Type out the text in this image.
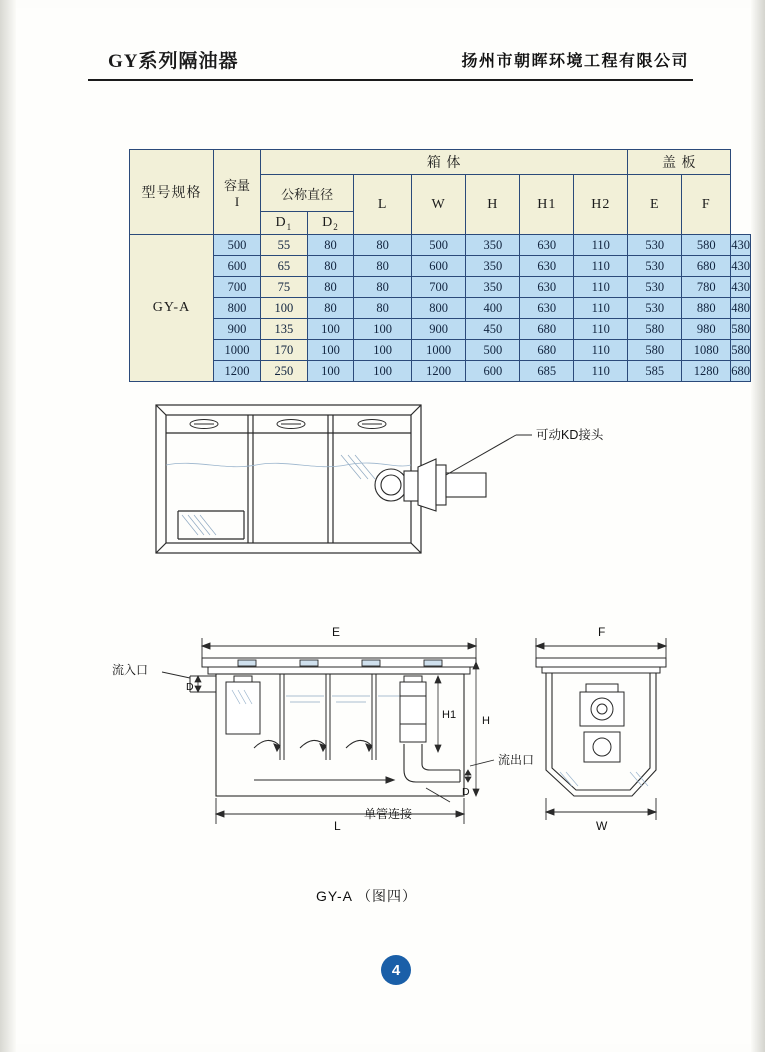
GY系列隔油器	扬州市朝晖环境工程有限公司
型号规格	容量
I	箱 体							盖 板		
		公称直径		L	W	H	H1	H2	E	F	
		$D_1$	$D_2$
GY-A	500	55	80	80	500	350	630	110	530	580	430
	600	65	80	80	600	350	630	110	530	680	430
	700	75	80	80	700	350	630	110	530	780	430
	800	100	80	80	800	400	630	110	530	880	480
	900	135	100	100	900	450	680	110	580	980	580
	1000	170	100	100	1000	500	680	110	580	1080	580
	1200	250	100	100	1200	600	685	110	585	1280	680
可动KD接头
E
D
流入口
D
流出口
单管连接
H1 H
L
F
W
GY-A （图四）
4
